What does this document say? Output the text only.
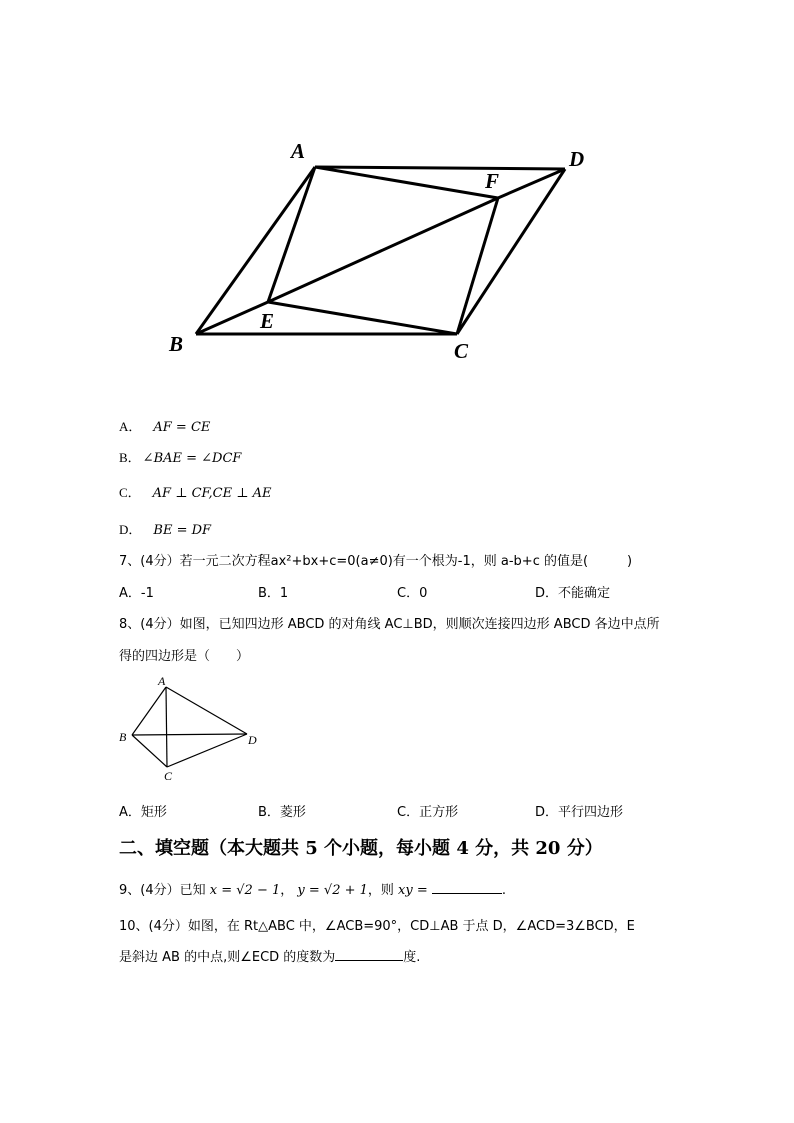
A	D
F
E
B	C
A． AF = CE
B． ∠BAE = ∠DCF
C． AF ⊥ CF,CE ⊥ AE
D． BE = DF
7、(4分）若一元二次方程ax²+bx+c=0(a≠0)有一个根为-1，则 a-b+c 的值是(　　　)
A．-1	B．1	C．0	D．不能确定
8、(4分）如图，已知四边形 ABCD 的对角线 AC⊥BD，则顺次连接四边形 ABCD 各边中点所
得的四边形是（　　）
A
B	D
C
A．矩形	B．菱形	C．正方形	D．平行四边形
二、填空题（本大题共 5 个小题，每小题 4 分，共 20 分）
9、(4分）已知 x = √2 − 1， y = √2 + 1，则 xy =	.
10、(4分）如图，在 Rt△ABC 中，∠ACB=90°，CD⊥AB 于点 D，∠ACD=3∠BCD，E
是斜边 AB 的中点,则∠ECD 的度数为	度.
